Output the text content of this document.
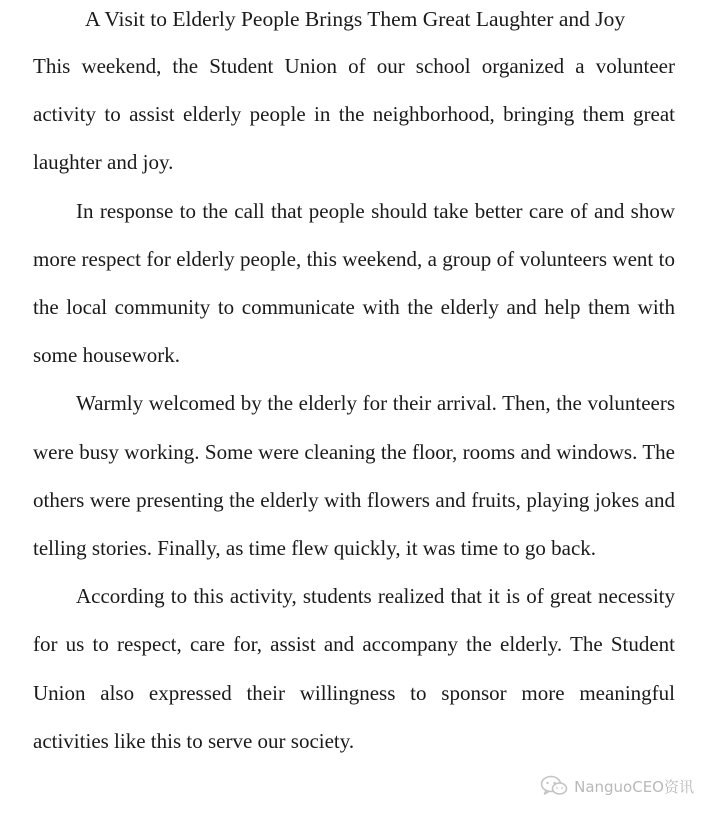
A Visit to Elderly People Brings Them Great Laughter and Joy

This weekend, the Student Union of our school organized a volunteer activity to assist elderly people in the neighborhood, bringing them great laughter and joy.

In response to the call that people should take better care of and show more respect for elderly people, this weekend, a group of volunteers went to the local community to communicate with the elderly and help them with some housework.

Warmly welcomed by the elderly for their arrival. Then, the volunteers were busy working. Some were cleaning the floor, rooms and windows. The others were presenting the elderly with flowers and fruits, playing jokes and telling stories. Finally, as time flew quickly, it was time to go back.

According to this activity, students realized that it is of great necessity for us to respect, care for, assist and accompany the elderly. The Student Union also expressed their willingness to sponsor more meaningful activities like this to serve our society.

NanguoCEO资讯
